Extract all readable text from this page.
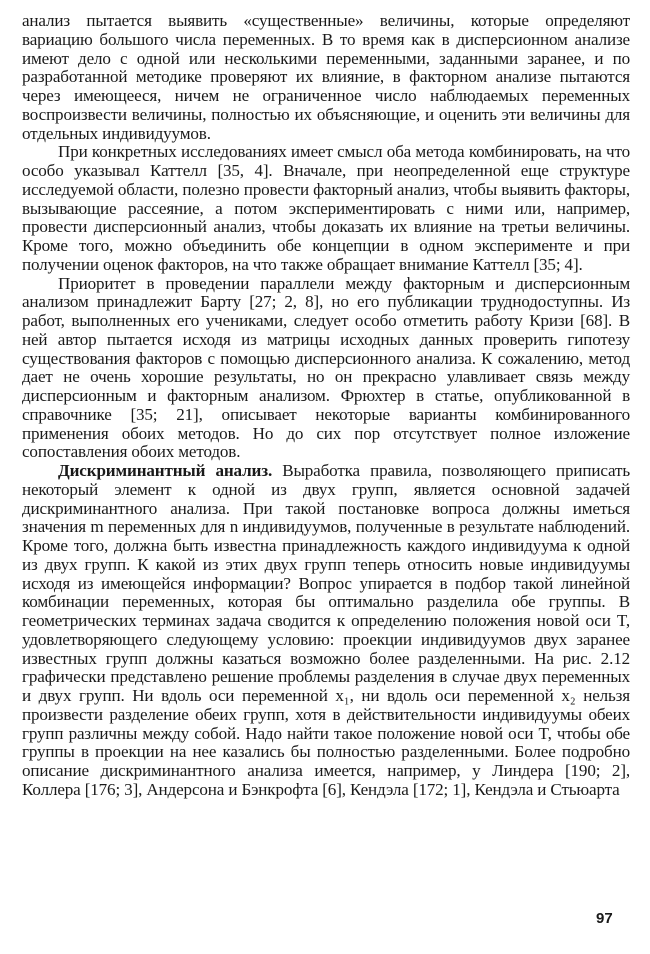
анализ пытается выявить «существенные» величины, которые определяют вариацию большого числа переменных. В то время как в дисперсионном анализе имеют дело с одной или несколькими переменными, заданными заранее, и по разработанной методике проверяют их влияние, в факторном анализе пытаются через имеющееся, ничем не ограниченное число наблюдаемых переменных воспроизвести величины, полностью их объясняющие, и оценить эти величины для отдельных индивидуумов.

При конкретных исследованиях имеет смысл оба метода комбинировать, на что особо указывал Каттелл [35, 4]. Вначале, при неопределенной еще структуре исследуемой области, полезно провести факторный анализ, чтобы выявить факторы, вызывающие рассеяние, а потом экспериментировать с ними или, например, провести дисперсионный анализ, чтобы доказать их влияние на третьи величины. Кроме того, можно объединить обе концепции в одном эксперименте и при получении оценок факторов, на что также обращает внимание Каттелл [35; 4].

Приоритет в проведении параллели между факторным и дисперсионным анализом принадлежит Барту [27; 2, 8], но его публикации труднодоступны. Из работ, выполненных его учениками, следует особо отметить работу Кризи [68]. В ней автор пытается исходя из матрицы исходных данных проверить гипотезу существования факторов с помощью дисперсионного анализа. К сожалению, метод дает не очень хорошие результаты, но он прекрасно улавливает связь между дисперсионным и факторным анализом. Фрюхтер в статье, опубликованной в справочнике [35; 21], описывает некоторые варианты комбинированного применения обоих методов. Но до сих пор отсутствует полное изложение сопоставления обоих методов.

Дискриминантный анализ. Выработка правила, позволяющего приписать некоторый элемент к одной из двух групп, является основной задачей дискриминантного анализа. При такой постановке вопроса должны иметься значения m переменных для n индивидуумов, полученные в результате наблюдений. Кроме того, должна быть известна принадлежность каждого индивидуума к одной из двух групп. К какой из этих двух групп теперь относить новые индивидуумы исходя из имеющейся информации? Вопрос упирается в подбор такой линейной комбинации переменных, которая бы оптимально разделила обе группы. В геометрических терминах задача сводится к определению положения новой оси T, удовлетворяющего следующему условию: проекции индивидуумов двух заранее известных групп должны казаться возможно более разделенными. На рис. 2.12 графически представлено решение проблемы разделения в случае двух переменных и двух групп. Ни вдоль оси переменной x₁, ни вдоль оси переменной x₂ нельзя произвести разделение обеих групп, хотя в действительности индивидуумы обеих групп различны между собой. Надо найти такое положение новой оси T, чтобы обе группы в проекции на нее казались бы полностью разделенными. Более подробно описание дискриминантного анализа имеется, например, у Линдера [190; 2], Коллера [176; 3], Андерсона и Бэнкрофта [6], Кендэла [172; 1], Кендэла и Стьюарта

97
